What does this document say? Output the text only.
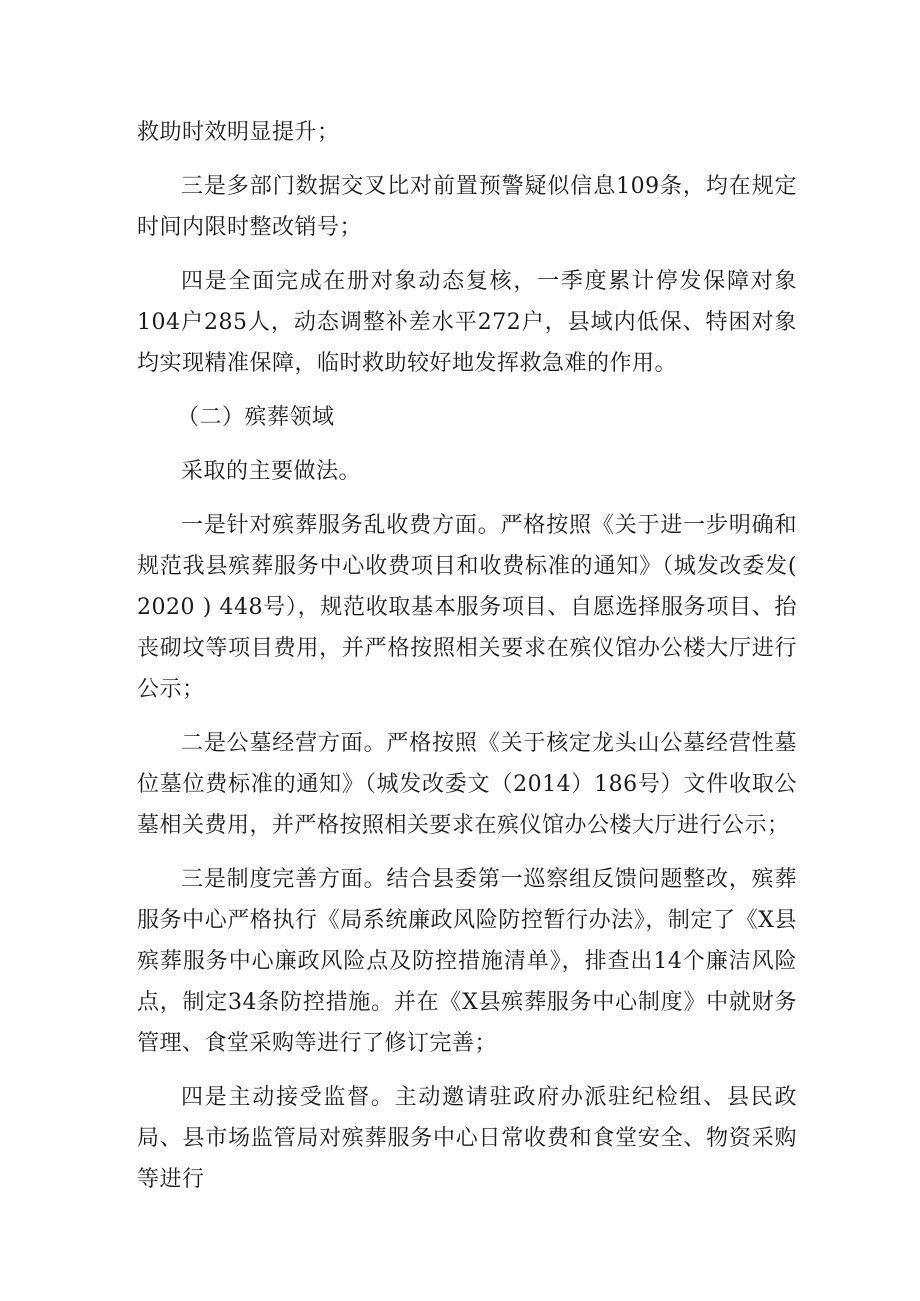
救助时效明显提升；

三是多部门数据交叉比对前置预警疑似信息109条，均在规定时间内限时整改销号；

四是全面完成在册对象动态复核，一季度累计停发保障对象104户285人，动态调整补差水平272户，县域内低保、特困对象均实现精准保障，临时救助较好地发挥救急难的作用。

（二）殡葬领域

采取的主要做法。

一是针对殡葬服务乱收费方面。严格按照《关于进一步明确和规范我县殡葬服务中心收费项目和收费标准的通知》（城发改委发( 2020 ) 448号），规范收取基本服务项目、自愿选择服务项目、抬丧砌坟等项目费用，并严格按照相关要求在殡仪馆办公楼大厅进行公示；

二是公墓经营方面。严格按照《关于核定龙头山公墓经营性墓位墓位费标准的通知》（城发改委文（2014）186号）文件收取公墓相关费用，并严格按照相关要求在殡仪馆办公楼大厅进行公示；

三是制度完善方面。结合县委第一巡察组反馈问题整改，殡葬服务中心严格执行《局系统廉政风险防控暂行办法》，制定了《X县殡葬服务中心廉政风险点及防控措施清单》，排查出14个廉洁风险点，制定34条防控措施。并在《X县殡葬服务中心制度》中就财务管理、食堂采购等进行了修订完善；

四是主动接受监督。主动邀请驻政府办派驻纪检组、县民政局、县市场监管局对殡葬服务中心日常收费和食堂安全、物资采购等进行
